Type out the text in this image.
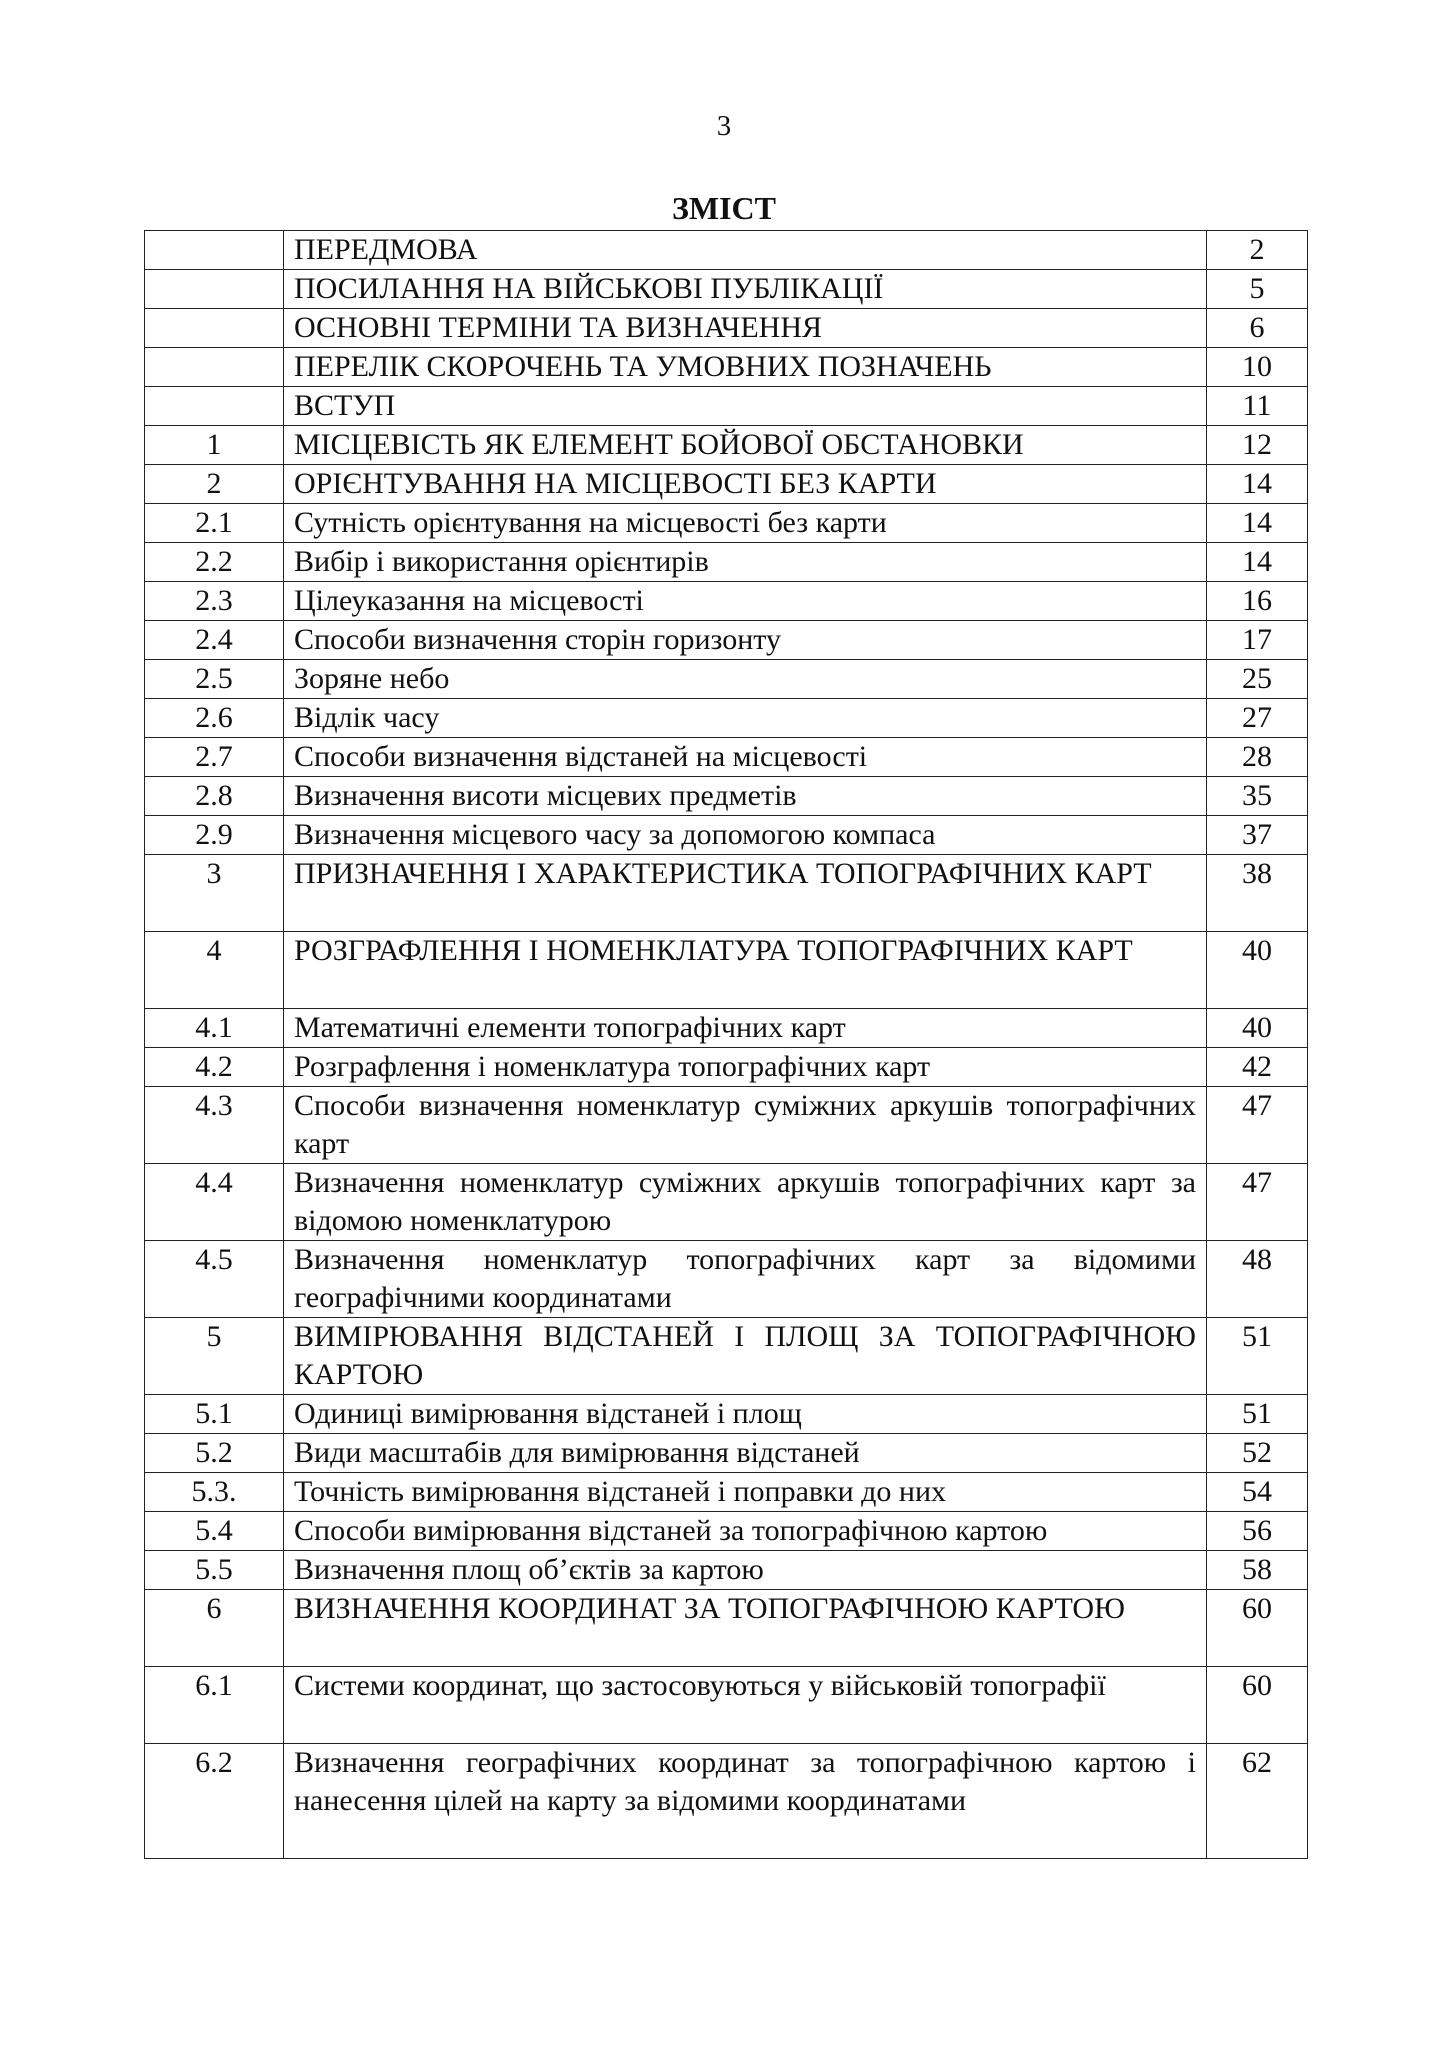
3
ЗМІСТ
	ПЕРЕДМОВА	2
	ПОСИЛАННЯ НА ВІЙСЬКОВІ ПУБЛІКАЦІЇ	5
	ОСНОВНІ ТЕРМІНИ ТА ВИЗНАЧЕННЯ	6
	ПЕРЕЛІК СКОРОЧЕНЬ ТА УМОВНИХ ПОЗНАЧЕНЬ	10
	ВСТУП	11
1	МІСЦЕВІСТЬ ЯК ЕЛЕМЕНТ БОЙОВОЇ ОБСТАНОВКИ	12
2	ОРІЄНТУВАННЯ НА МІСЦЕВОСТІ БЕЗ КАРТИ	14
2.1	Сутність орієнтування на місцевості без карти	14
2.2	Вибір і використання орієнтирів	14
2.3	Цілеуказання на місцевості	16
2.4	Способи визначення сторін горизонту	17
2.5	Зоряне небо	25
2.6	Відлік часу	27
2.7	Способи визначення відстаней на місцевості	28
2.8	Визначення висоти місцевих предметів	35
2.9	Визначення місцевого часу за допомогою компаса	37
3	ПРИЗНАЧЕННЯ І ХАРАКТЕРИСТИКА ТОПОГРАФІЧНИХ КАРТ	38
4	РОЗГРАФЛЕННЯ І НОМЕНКЛАТУРА ТОПОГРАФІЧНИХ КАРТ	40
4.1	Математичні елементи топографічних карт	40
4.2	Розграфлення і номенклатура топографічних карт	42
4.3	Способи визначення номенклатур суміжних аркушів топографічних карт	47
4.4	Визначення номенклатур суміжних аркушів топографічних карт за відомою номенклатурою	47
4.5	Визначення номенклатур топографічних карт за відомими географічними координатами	48
5	ВИМІРЮВАННЯ ВІДСТАНЕЙ І ПЛОЩ ЗА ТОПОГРАФІЧНОЮ КАРТОЮ	51
5.1	Одиниці вимірювання відстаней і площ	51
5.2	Види масштабів для вимірювання відстаней	52
5.3.	Точність вимірювання відстаней і поправки до них	54
5.4	Способи вимірювання відстаней за топографічною картою	56
5.5	Визначення площ об’єктів за картою	58
6	ВИЗНАЧЕННЯ КООРДИНАТ ЗА ТОПОГРАФІЧНОЮ КАРТОЮ	60
6.1	Системи координат, що застосовуються у військовій топографії	60
6.2	Визначення географічних координат за топографічною картою і нанесення цілей на карту за відомими координатами	62
